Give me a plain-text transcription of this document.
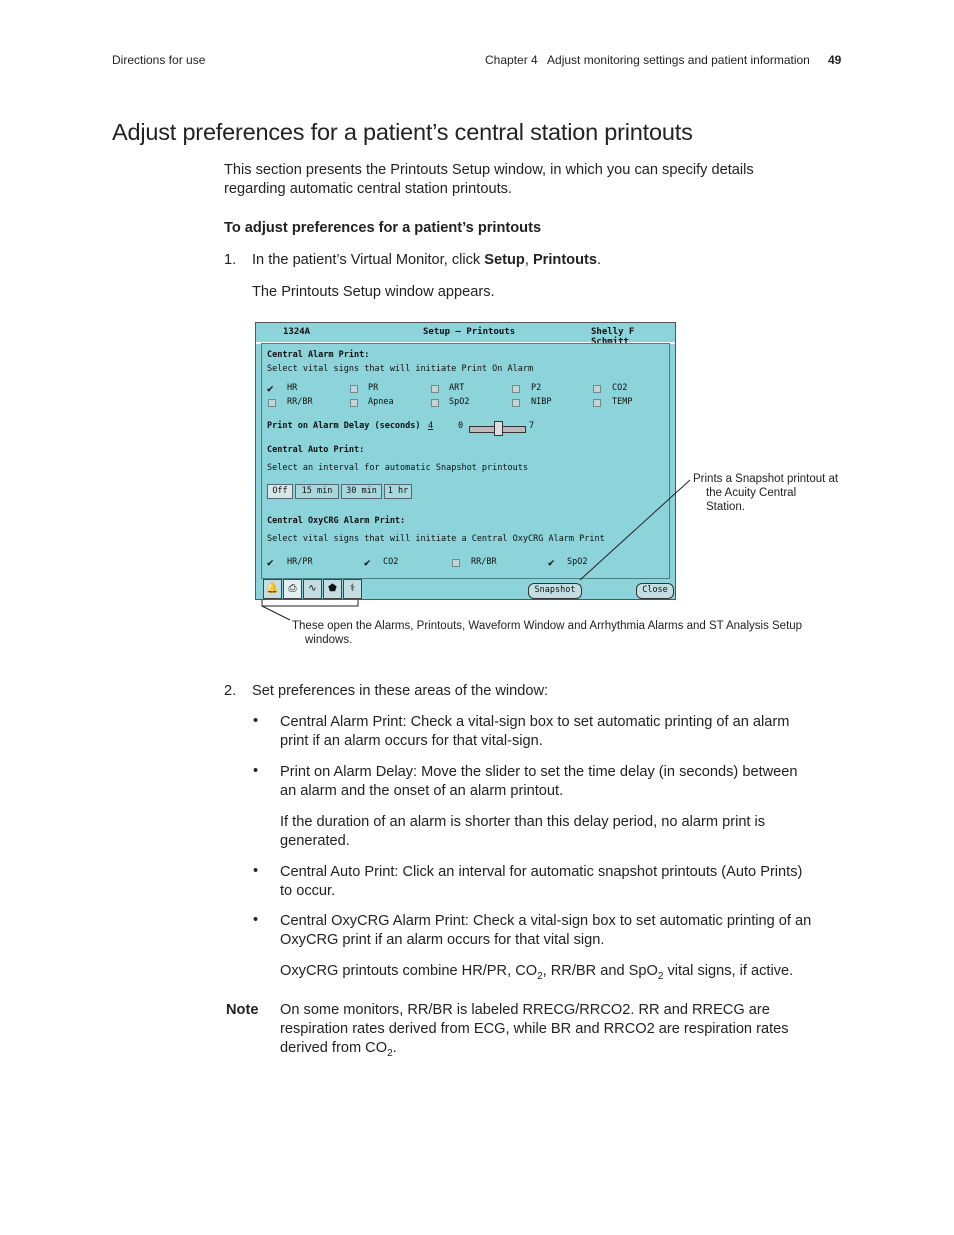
Directions for use	Chapter 4   Adjust monitoring settings and patient information 49
Adjust preferences for a patient’s central station printouts
This section presents the Printouts Setup window, in which you can specify details
regarding automatic central station printouts.
To adjust preferences for a patient’s printouts
1. In the patient’s Virtual Monitor, click Setup, Printouts.
The Printouts Setup window appears.
1324A	Setup – Printouts	Shelly F Schmitt
Central Alarm Print:
Select vital signs that will initiate Print On Alarm
✔ HR	PR	ART	P2	CO2
RR/BR	Apnea	SpO2	NIBP	TEMP
Print on Alarm Delay (seconds) 4	0	7
Central Auto Print:
Select an interval for automatic Snapshot printouts
Off	15 min	30 min	1 hr
Central OxyCRG Alarm Print:
Select vital signs that will initiate a Central OxyCRG Alarm Print
✔ HR/PR	✔ CO2	RR/BR	✔ SpO2
🔔 ⎙	∿	⬟	⚕	Snapshot	Close
Prints a Snapshot printout at
the Acuity Central
Station.
These open the Alarms, Printouts, Waveform Window and Arrhythmia Alarms and ST Analysis Setup
windows.
2. Set preferences in these areas of the window:
• Central Alarm Print: Check a vital-sign box to set automatic printing of an alarm
print if an alarm occurs for that vital-sign.
• Print on Alarm Delay: Move the slider to set the time delay (in seconds) between
an alarm and the onset of an alarm printout.
If the duration of an alarm is shorter than this delay period, no alarm print is
generated.
• Central Auto Print: Click an interval for automatic snapshot printouts (Auto Prints)
to occur.
• Central OxyCRG Alarm Print: Check a vital-sign box to set automatic printing of an
OxyCRG print if an alarm occurs for that vital sign.
OxyCRG printouts combine HR/PR, $CO_2$, RR/BR and SpO$_2$ vital signs, if active.
Note On some monitors, RR/BR is labeled RRECG/RRCO2. RR and RRECG are
respiration rates derived from ECG, while BR and RRCO2 are respiration rates
derived from $CO_2$.
